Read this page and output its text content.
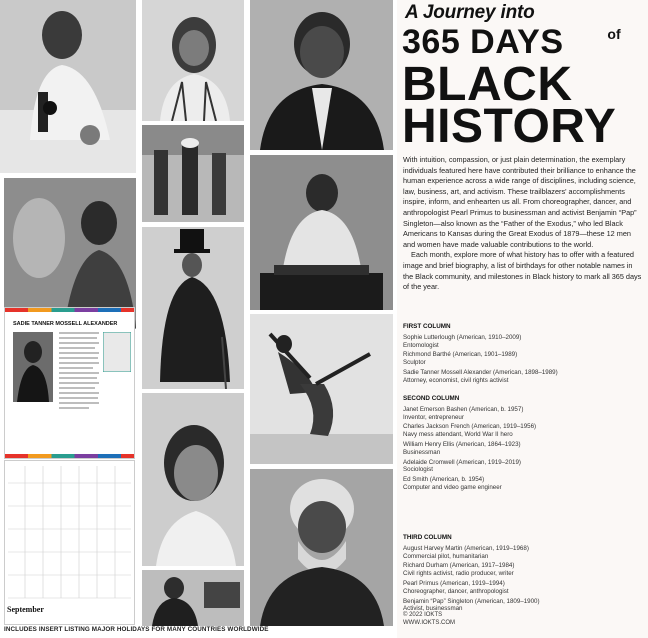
SADIE TANNER MOSSELL ALEXANDER
September
A Journey into
365 DAYS	of
BLACK
HISTORY

With intuition, compassion, or just plain determination, the exemplary individuals featured here have contributed their brilliance to enhance the human experience across a wide range of disciplines, including science, law, business, art, and activism. These trailblazers' accomplishments inspire, inform, and enhearten us all. From choreographer, dancer, and anthropologist Pearl Primus to businessman and activist Benjamin “Pap” Singleton—also known as the “Father of the Exodus,” who led Black Americans to Kansas during the Great Exodus of 1879—these 12 men and women have made valuable contributions to the world.

Each month, explore more of what history has to offer with a featured image and brief biography, a list of birthdays for other notable names in the Black community, and milestones in Black history to mark all 365 days of the year.

FIRST COLUMN
Sophie Lutterlough (American, 1910–2009)
Entomologist
Richmond Barthé (American, 1901–1989)
Sculptor
Sadie Tanner Mossell Alexander (American, 1898–1989)
Attorney, economist, civil rights activist
SECOND COLUMN
Janet Emerson Bashen (American, b. 1957)
Inventor, entrepreneur
Charles Jackson French (American, 1919–1956)
Navy mess attendant, World War II hero
William Henry Ellis (American, 1864–1923)
Businessman
Adelaide Cromwell (American, 1919–2019)
Sociologist
Ed Smith (American, b. 1954)
Computer and video game engineer
THIRD COLUMN
August Harvey Martin (American, 1919–1968)
Commercial pilot, humanitarian
Richard Durham (American, 1917–1984)
Civil rights activist, radio producer, writer
Pearl Primus (American, 1919–1994)
Choreographer, dancer, anthropologist
Benjamin “Pap” Singleton (American, 1809–1900)
Activist, businessman
© 2022 IOKTS
WWW.IOKTS.COM
INCLUDES INSERT LISTING MAJOR HOLIDAYS FOR MANY COUNTRIES WORLDWIDE
